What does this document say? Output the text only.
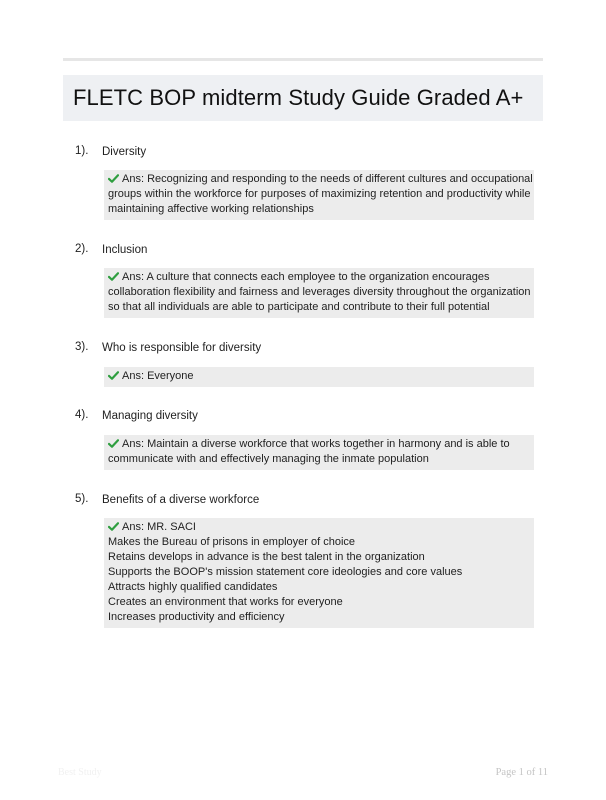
FLETC BOP midterm Study Guide Graded A+
1). Diversity
Ans: Recognizing and responding to the needs of different cultures and occupational
groups within the workforce for purposes of maximizing retention and productivity while
maintaining affective working relationships
2). Inclusion
Ans: A culture that connects each employee to the organization encourages
collaboration flexibility and fairness and leverages diversity throughout the organization
so that all individuals are able to participate and contribute to their full potential
3). Who is responsible for diversity
Ans: Everyone
4). Managing diversity
Ans: Maintain a diverse workforce that works together in harmony and is able to
communicate with and effectively managing the inmate population
5). Benefits of a diverse workforce
Ans: MR. SACI
Makes the Bureau of prisons in employer of choice
Retains develops in advance is the best talent in the organization
Supports the BOOP's mission statement core ideologies and core values
Attracts highly qualified candidates
Creates an environment that works for everyone
Increases productivity and efficiency
Best Study	Page 1 of 11
